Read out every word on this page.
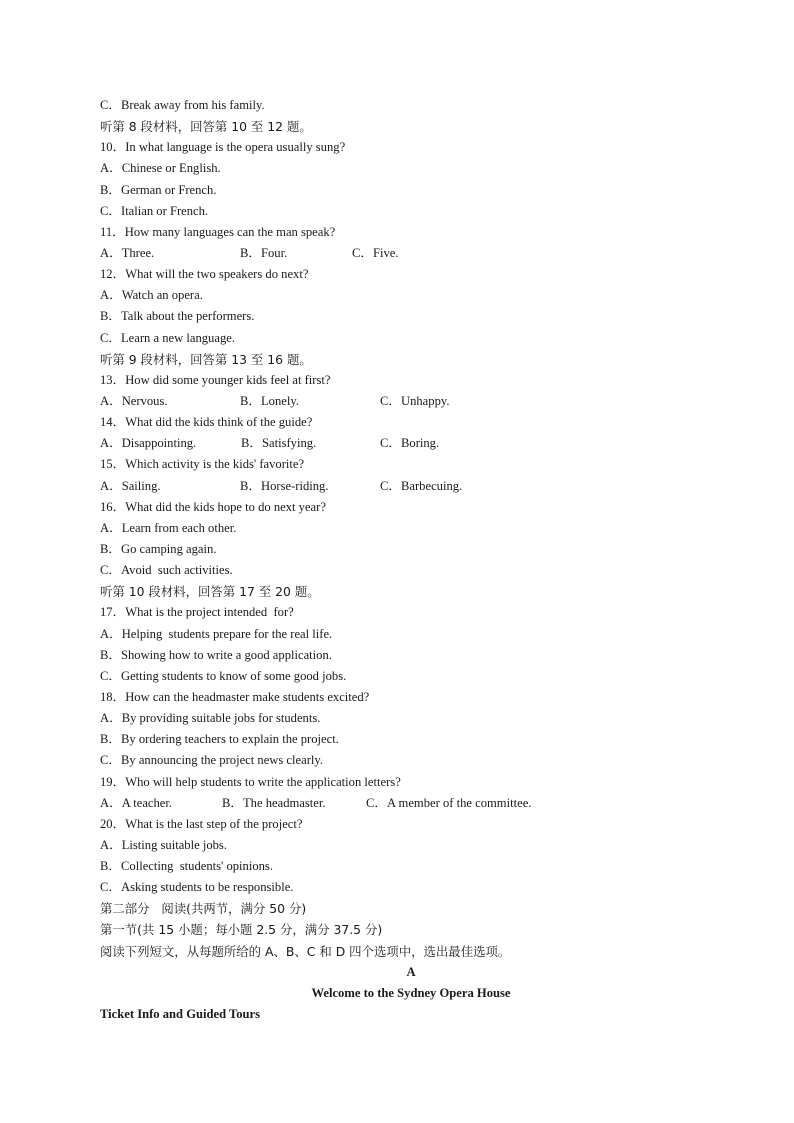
C．Break away from his family.
听第 8 段材料，回答第 10 至 12 题。
10．In what language is the opera usually sung?
A．Chinese or English.
B．German or French.
C．Italian or French.
11．How many languages can the man speak?
A．Three.	B．Four.	C．Five.
12．What will the two speakers do next?
A．Watch an opera.
B．Talk about the performers.
C．Learn a new language.
听第 9 段材料，回答第 13 至 16 题。
13．How did some younger kids feel at first?
A．Nervous.	B．Lonely.	C．Unhappy.
14．What did the kids think of the guide?
A．Disappointing.	B．Satisfying.	C．Boring.
15．Which activity is the kids' favorite?
A．Sailing.	B．Horse-riding.	C．Barbecuing.
16．What did the kids hope to do next year?
A．Learn from each other.
B．Go camping again.
C．Avoid  such activities.
听第 10 段材料，回答第 17 至 20 题。
17．What is the project intended  for?
A．Helping  students prepare for the real life.
B．Showing how to write a good application.
C．Getting students to know of some good jobs.
18．How can the headmaster make students excited?
A．By providing suitable jobs for students.
B．By ordering teachers to explain the project.
C．By announcing the project news clearly.
19．Who will help students to write the application letters?
A．A teacher.	B．The headmaster.	C．A member of the committee.
20．What is the last step of the project?
A．Listing suitable jobs.
B．Collecting  students' opinions.
C．Asking students to be responsible.
第二部分   阅读(共两节，满分 50 分)
第一节(共 15 小题；每小题 2.5 分，满分 37.5 分)
阅读下列短文，从每题所给的 A、B、C 和 D 四个选项中，选出最佳选项。
A
Welcome to the Sydney Opera House
Ticket Info and Guided Tours
